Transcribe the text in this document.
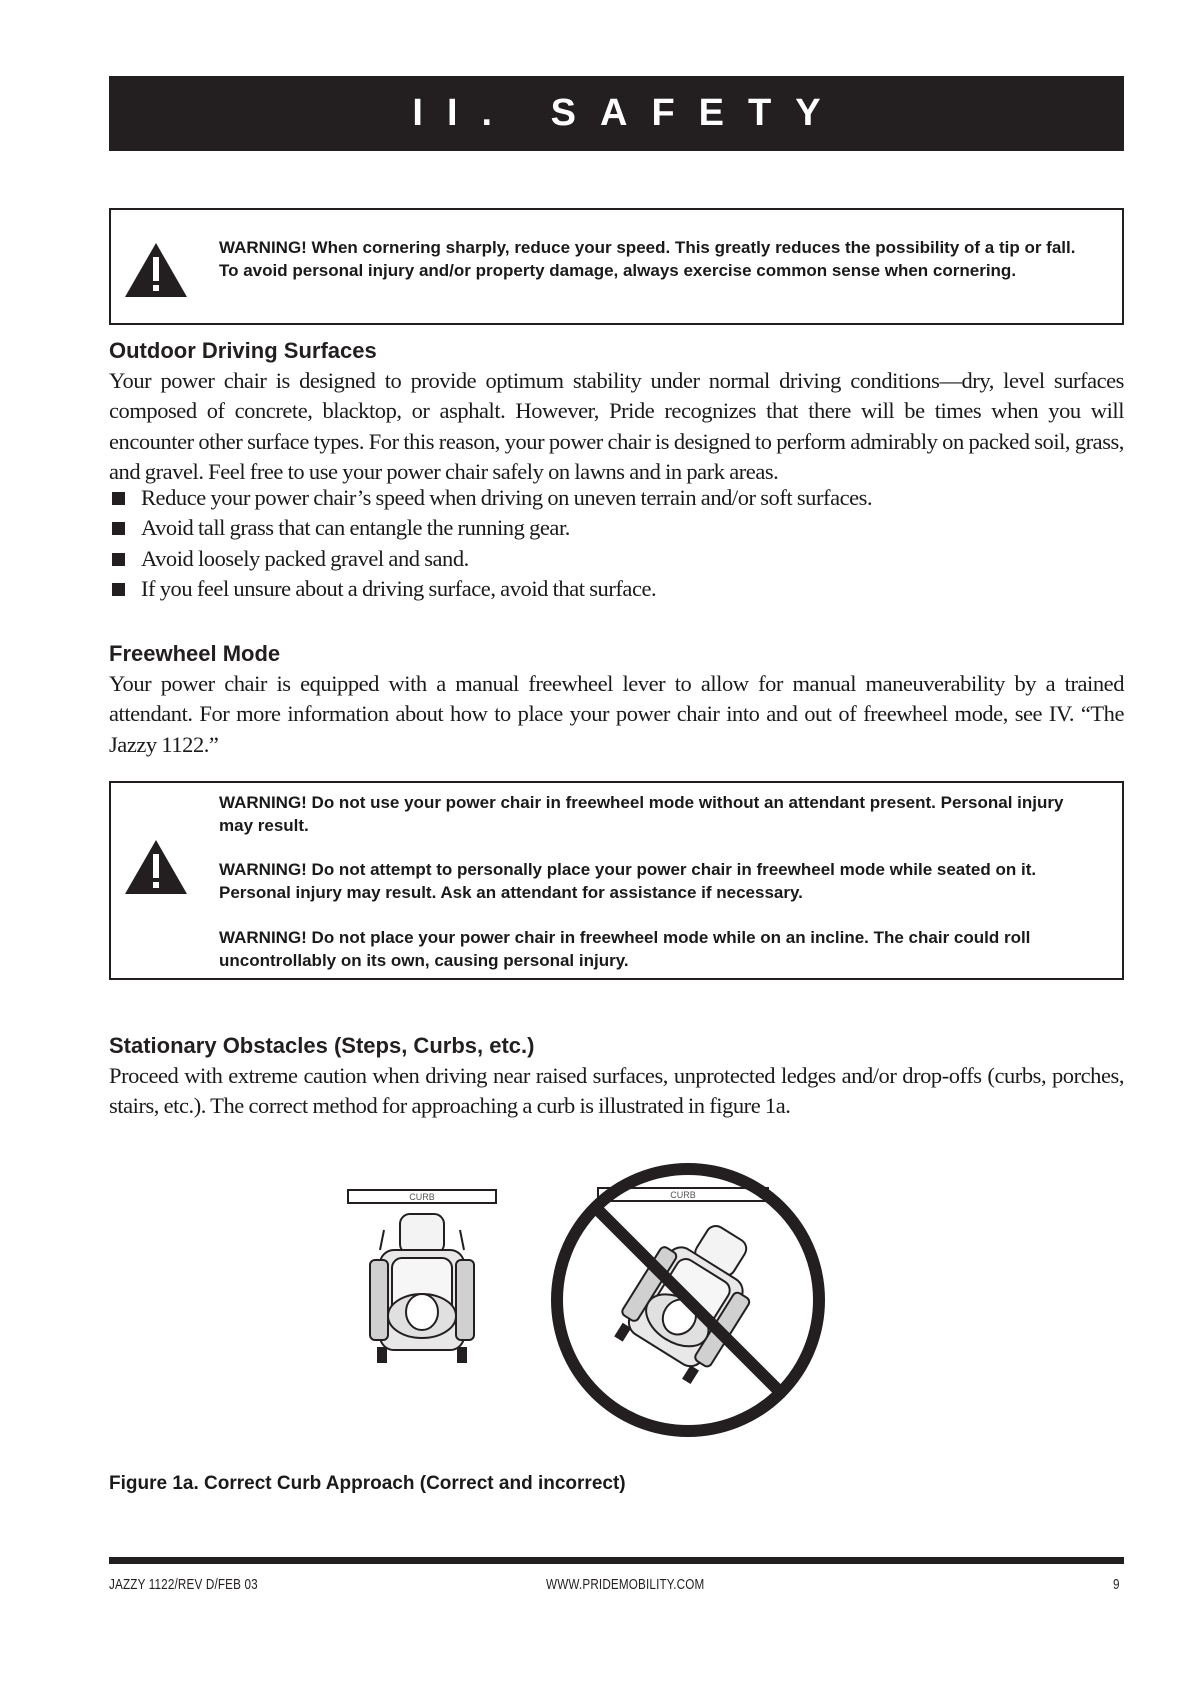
II. SAFETY

WARNING! When cornering sharply, reduce your speed. This greatly reduces the possibility of a tip or fall. To avoid personal injury and/or property damage, always exercise common sense when cornering.

Outdoor Driving Surfaces

Your power chair is designed to provide optimum stability under normal driving conditions—dry, level surfaces composed of concrete, blacktop, or asphalt. However, Pride recognizes that there will be times when you will encounter other surface types. For this reason, your power chair is designed to perform admirably on packed soil, grass, and gravel. Feel free to use your power chair safely on lawns and in park areas.

Reduce your power chair’s speed when driving on uneven terrain and/or soft surfaces.
Avoid tall grass that can entangle the running gear.
Avoid loosely packed gravel and sand.
If you feel unsure about a driving surface, avoid that surface.
Freewheel Mode

Your power chair is equipped with a manual freewheel lever to allow for manual maneuverability by a trained attendant. For more information about how to place your power chair into and out of freewheel mode, see IV. “The Jazzy 1122.”

WARNING! Do not use your power chair in freewheel mode without an attendant present. Personal injury may result.

WARNING! Do not attempt to personally place your power chair in freewheel mode while seated on it. Personal injury may result. Ask an attendant for assistance if necessary.

WARNING! Do not place your power chair in freewheel mode while on an incline. The chair could roll uncontrollably on its own, causing personal injury.

Stationary Obstacles (Steps, Curbs, etc.)

Proceed with extreme caution when driving near raised surfaces, unprotected ledges and/or drop-offs (curbs, porches, stairs, etc.). The correct method for approaching a curb is illustrated in figure 1a.

CURB	CURB

Figure 1a. Correct Curb Approach (Correct and incorrect)

JAZZY 1122/REV D/FEB 03	WWW.PRIDEMOBILITY.COM	9
